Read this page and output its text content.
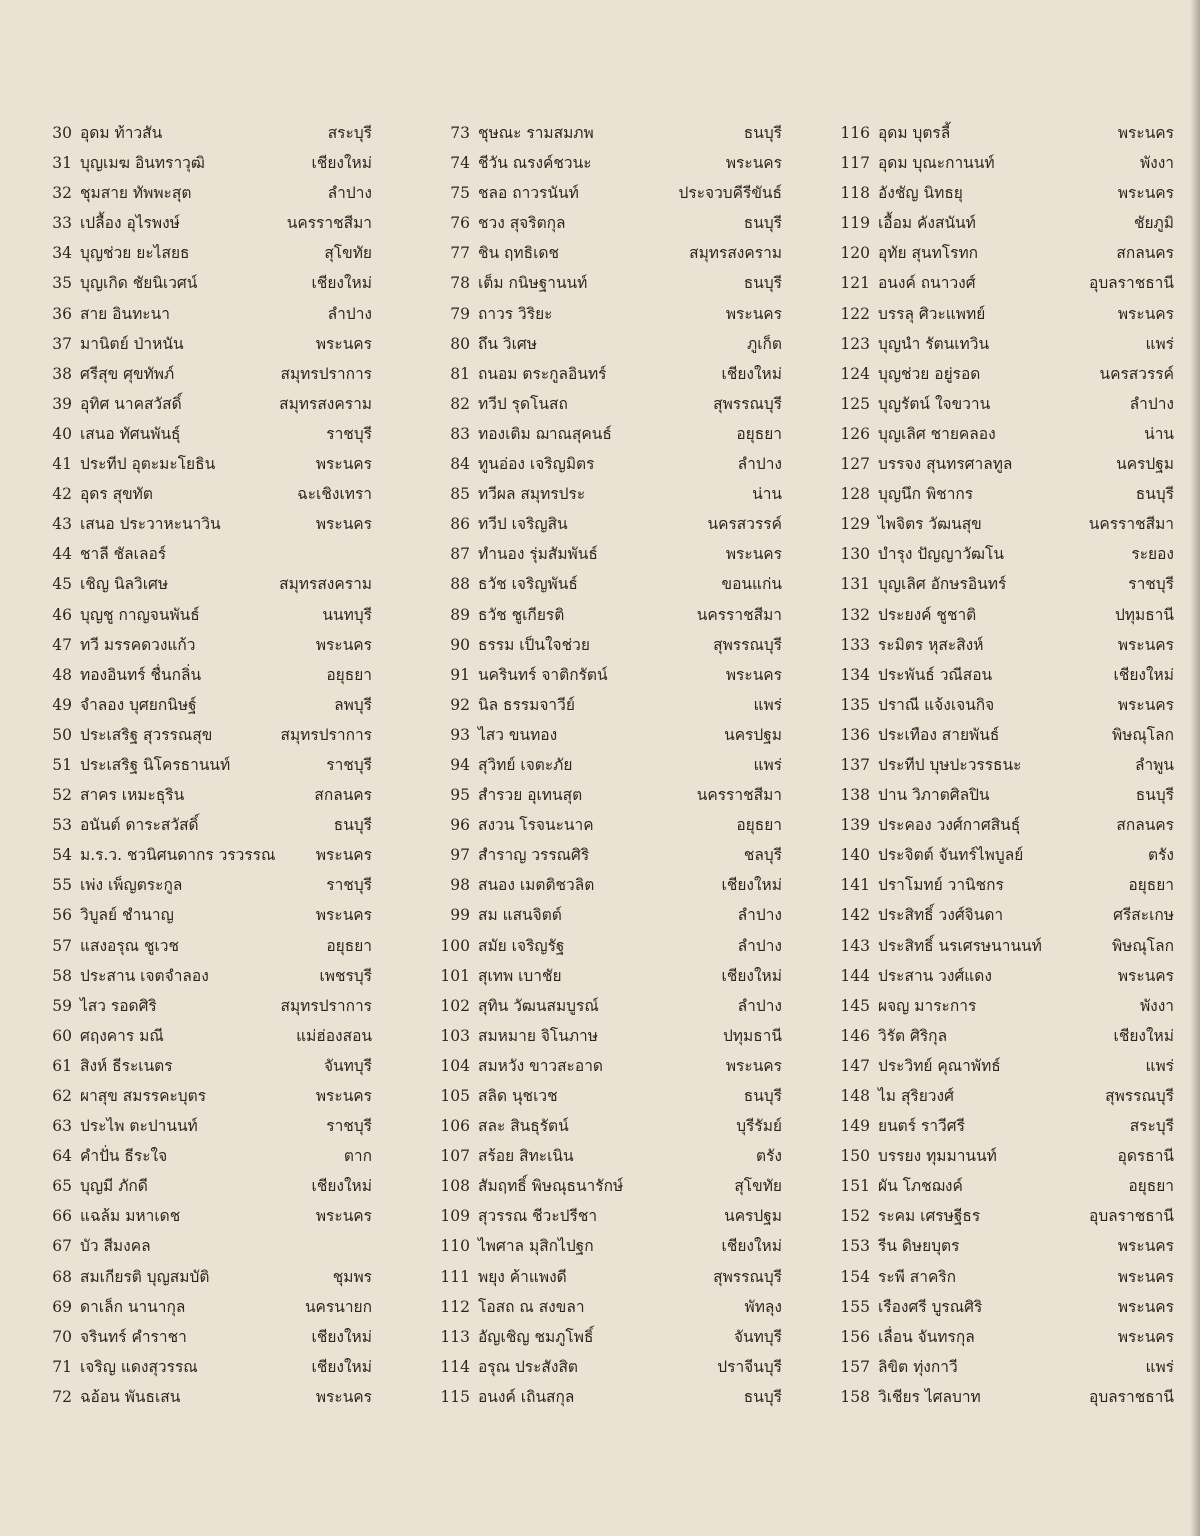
30 อุดม ท้าวสัน	สระบุรี
31 บุญเมฆ อินทราวุฒิ	เชียงใหม่
32 ชุมสาย ทัพพะสุต	ลำปาง
33 เปลื้อง อุไรพงษ์	นครราชสีมา
34 บุญช่วย ยะไสยธ	สุโขทัย
35 บุญเกิด ชัยนิเวศน์	เชียงใหม่
36 สาย อินทะนา	ลำปาง
37 มานิตย์ ป่าหนัน	พระนคร
38 ศรีสุข ศุขทัพภ์	สมุทรปราการ
39 อุทิศ นาคสวัสดิ์	สมุทรสงคราม
40 เสนอ ทัศนพันธุ์	ราชบุรี
41 ประทีป อุตะมะโยธิน	พระนคร
42 อุดร สุขทัต	ฉะเชิงเทรา
43 เสนอ ประวาหะนาวิน	พระนคร
44 ชาลี ชัลเลอร์
45 เชิญ นิลวิเศษ	สมุทรสงคราม
46 บุญชู กาญจนพันธ์	นนทบุรี
47 ทวี มรรคดวงแก้ว	พระนคร
48 ทองอินทร์ ชื่นกลิ่น	อยุธยา
49 จำลอง บุศยกนิษฐ์	ลพบุรี
50 ประเสริฐ สุวรรณสุข	สมุทรปราการ
51 ประเสริฐ นิโครธานนท์	ราชบุรี
52 สาคร เหมะธุริน	สกลนคร
53 อนันต์ ดาระสวัสดิ์	ธนบุรี
54 ม.ร.ว. ชวนิศนดากร วรวรรณ	พระนคร
55 เพ่ง เพ็ญตระกูล	ราชบุรี
56 วิบูลย์ ชำนาญ	พระนคร
57 แสงอรุณ ชูเวช	อยุธยา
58 ประสาน เจตจำลอง	เพชรบุรี
59 ไสว รอดศิริ	สมุทรปราการ
60 ศฤงคาร มณี	แม่ฮ่องสอน
61 สิงห์ ธีระเนตร	จันทบุรี
62 ผาสุข สมรรคะบุตร	พระนคร
63 ประไพ ตะปานนท์	ราชบุรี
64 คำปั่น ธีระใจ	ตาก
65 บุญมี ภักดี	เชียงใหม่
66 แฉล้ม มหาเดช	พระนคร
67 บัว สีมงคล
68 สมเกียรติ บุญสมบัติ	ชุมพร
69 ดาเล็ก นานากุล	นครนายก
70 จรินทร์ คำราชา	เชียงใหม่
71 เจริญ แดงสุวรรณ	เชียงใหม่
72 ฉอ้อน พันธเสน	พระนคร
73 ชุษณะ รามสมภพ	ธนบุรี
74 ชีวัน ณรงค์ชวนะ	พระนคร
75 ชลอ ถาวรนันท์	ประจวบคีรีขันธ์
76 ชวง สุจริตกุล	ธนบุรี
77 ชิน ฤทธิเดช	สมุทรสงคราม
78 เต็ม กนิษฐานนท์	ธนบุรี
79 ถาวร วิริยะ	พระนคร
80 ถึน วิเศษ	ภูเก็ต
81 ถนอม ตระกูลอินทร์	เชียงใหม่
82 ทวีป รุดโนสถ	สุพรรณบุรี
83 ทองเติม ฌาณสุคนธ์	อยุธยา
84 ทูนอ่อง เจริญมิตร	ลำปาง
85 ทวีผล สมุทรประ	น่าน
86 ทวีป เจริญสิน	นครสวรรค์
87 ทำนอง รุ่มสัมพันธ์	พระนคร
88 ธวัช เจริญพันธ์	ขอนแก่น
89 ธวัช ชูเกียรติ	นครราชสีมา
90 ธรรม เป็นใจช่วย	สุพรรณบุรี
91 นครินทร์ จาติกรัตน์	พระนคร
92 นิล ธรรมจาวีย์	แพร่
93 ไสว ขนทอง	นครปฐม
94 สุวิทย์ เจตะภัย	แพร่
95 สำรวย อุเทนสุต	นครราชสีมา
96 สงวน โรจนะนาค	อยุธยา
97 สำราญ วรรณศิริ	ชลบุรี
98 สนอง เมตติชวลิต	เชียงใหม่
99 สม แสนจิตต์	ลำปาง
100 สมัย เจริญรัฐ	ลำปาง
101 สุเทพ เบาชัย	เชียงใหม่
102 สุทิน วัฒนสมบูรณ์	ลำปาง
103 สมหมาย จิโนภาษ	ปทุมธานี
104 สมหวัง ขาวสะอาด	พระนคร
105 สลิด นุชเวช	ธนบุรี
106 สละ สินธุรัตน์	บุรีรัมย์
107 สร้อย สิทะเนิน	ตรัง
108 สัมฤทธิ์ พิษณุธนารักษ์	สุโขทัย
109 สุวรรณ ชีวะปรีชา	นครปฐม
110 ไพศาล มุสิกไปฐก	เชียงใหม่
111 พยุง ค้าแพงดี	สุพรรณบุรี
112 โอสถ ณ สงขลา	พัทลุง
113 อัญเชิญ ชมภูโพธิ์	จันทบุรี
114 อรุณ ประสังสิต	ปราจีนบุรี
115 อนงค์ เถินสกุล	ธนบุรี
116 อุดม บุตรลี้	พระนคร
117 อุดม บุณะกานนท์	พังงา
118 อังชัญ นิทธยุ	พระนคร
119 เอื้อม คังสนันท์	ชัยภูมิ
120 อุทัย สุนทโรทก	สกลนคร
121 อนงค์ ถนาวงศ์	อุบลราชธานี
122 บรรลุ ศิวะแพทย์	พระนคร
123 บุญนำ รัตนเทวิน	แพร่
124 บุญช่วย อยู่รอด	นครสวรรค์
125 บุญรัตน์ ใจขวาน	ลำปาง
126 บุญเลิศ ชายคลอง	น่าน
127 บรรจง สุนทรศาลทูล	นครปฐม
128 บุญนึก พิชากร	ธนบุรี
129 ไพจิตร วัฒนสุข	นครราชสีมา
130 บำรุง ปัญญาวัฒโน	ระยอง
131 บุญเลิศ อักษรอินทร์	ราชบุรี
132 ประยงค์ ชูชาติ	ปทุมธานี
133 ระมิตร หุสะสิงห์	พระนคร
134 ประพันธ์ วณีสอน	เชียงใหม่
135 ปราณี แจ้งเจนกิจ	พระนคร
136 ประเทือง สายพันธ์	พิษณุโลก
137 ประทีป บุษปะวรรธนะ	ลำพูน
138 ปาน วิภาตศิลปิน	ธนบุรี
139 ประคอง วงศ์กาศสินธุ์	สกลนคร
140 ประจิตต์ จันทร์ไพบูลย์	ตรัง
141 ปราโมทย์ วานิชกร	อยุธยา
142 ประสิทธิ์ วงศ์จินดา	ศรีสะเกษ
143 ประสิทธิ์ นรเศรษนานนท์	พิษณุโลก
144 ประสาน วงศ์แดง	พระนคร
145 ผจญ มาระการ	พังงา
146 วิรัต ศิริกุล	เชียงใหม่
147 ประวิทย์ คุณาพัทธ์	แพร่
148 ไม สุริยวงศ์	สุพรรณบุรี
149 ยนตร์ ราวีศรี	สระบุรี
150 บรรยง ทุมมานนท์	อุดรธานี
151 ผัน โภชฌงค์	อยุธยา
152 ระคม เศรษฐีธร	อุบลราชธานี
153 รีน ดิษยบุตร	พระนคร
154 ระพี สาคริก	พระนคร
155 เรืองศรี บูรณศิริ	พระนคร
156 เลื่อน จันทรกุล	พระนคร
157 ลิขิต ทุ่งกาวี	แพร่
158 วิเชียร ไศลบาท	อุบลราชธานี
